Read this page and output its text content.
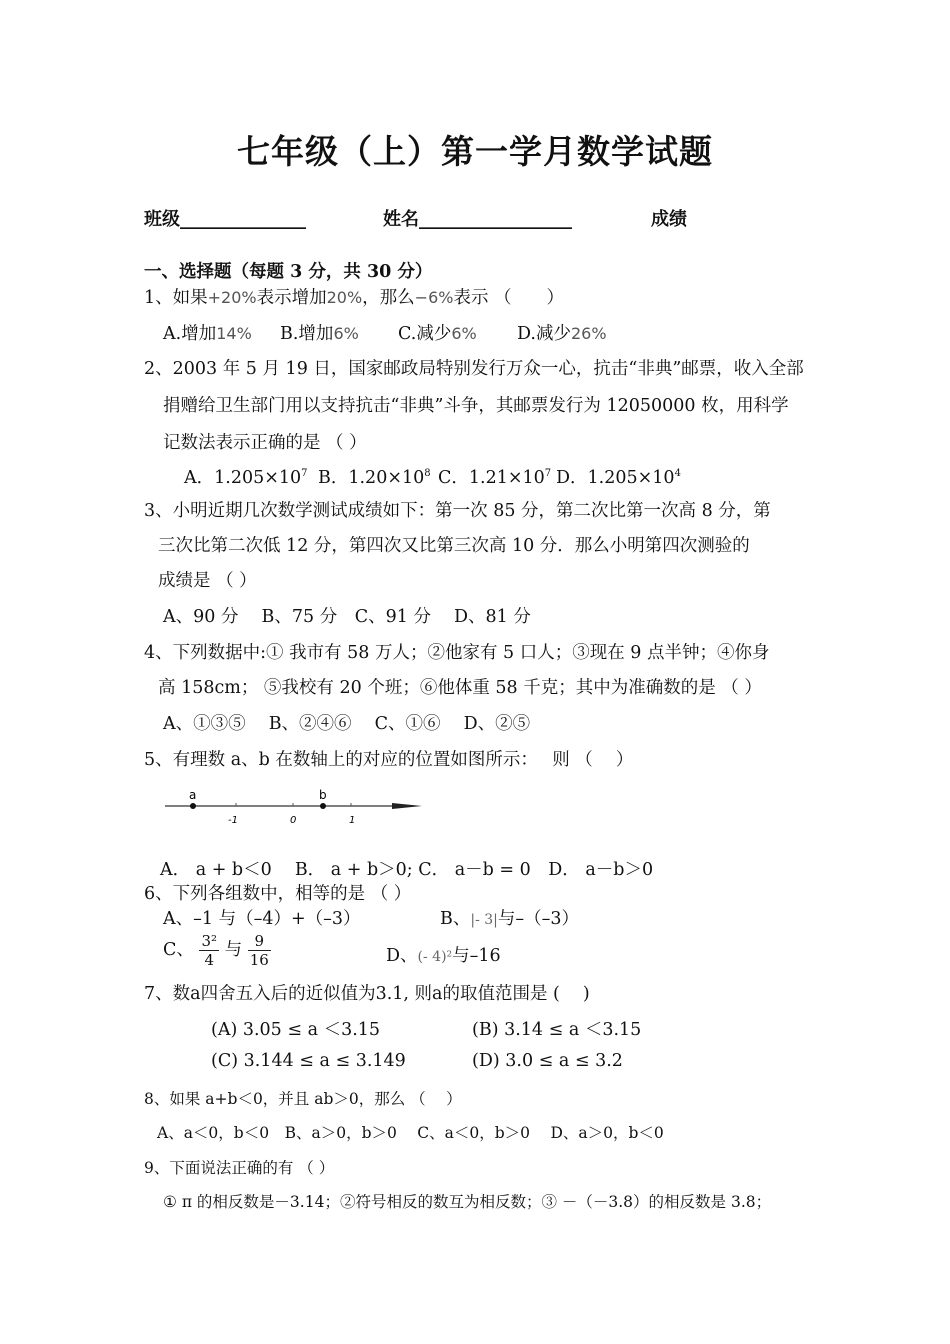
七年级（上）第一学月数学试题
班级______________	姓名_________________	成绩
一、选择题（每题 3 分，共 30 分）
1、如果+20%表示增加20%，那么−6%表示 （　　）
A.增加14% B.增加6% C.减少6% D.减少26%
2、2003 年 5 月 19 日，国家邮政局特别发行万众一心，抗击“非典”邮票，收入全部
捐赠给卫生部门用以支持抗击“非典”斗争，其邮票发行为 12050000 枚，用科学
记数法表示正确的是 （ ）
A．$1.205\times 10^7$ B．$1.20\times 10^8$ C．$1.21\times 10^7$ D．$1.205\times 10^4$
3、小明近期几次数学测试成绩如下：第一次 85 分，第二次比第一次高 8 分，第
三次比第二次低 12 分，第四次又比第三次高 10 分．那么小明第四次测验的
成绩是 （ ）
A、90 分　 B、75 分　C、91 分　 D、81 分
4、下列数据中:① 我市有 58 万人；②他家有 5 口人；③现在 9 点半钟；④你身
高 158cm； ⑤我校有 20 个班；⑥他体重 58 千克；其中为准确数的是 （ ）
A、①③⑤　 B、②④⑥　 C、①⑥　 D、②⑤
5、有理数 a、b 在数轴上的对应的位置如图所示：　 则 （　 ）
a	b
-1	0	1
A． a + b＜0　 B． a + b＞0; C． a－b = 0　D． a－b＞0
6、下列各组数中，相等的是 （ ）
A、–1 与（–4）+（–3）	B、|- 3|与–（–3）
C、 $\frac{\text{3²}}{4}$ 与 $\frac{9}{16}$	D、(- 4)²与–16
7、数a四舍五入后的近似值为3.1, 则a的取值范围是 (　 )
(A) 3.05 ≤ a ＜3.15	(B) 3.14 ≤ a ＜3.15
(C) 3.144 ≤ a ≤ 3.149	(D) 3.0 ≤ a ≤ 3.2
8、如果 a+b＜0，并且 ab＞0，那么 （　 ）
A、a＜0，b＜0　B、a＞0，b＞0　 C、a＜0，b＞0　 D、a＞0，b＜0
9、下面说法正确的有 （ ）
① π 的相反数是－3.14；②符号相反的数互为相反数；③ －（－3.8）的相反数是 3.8；
